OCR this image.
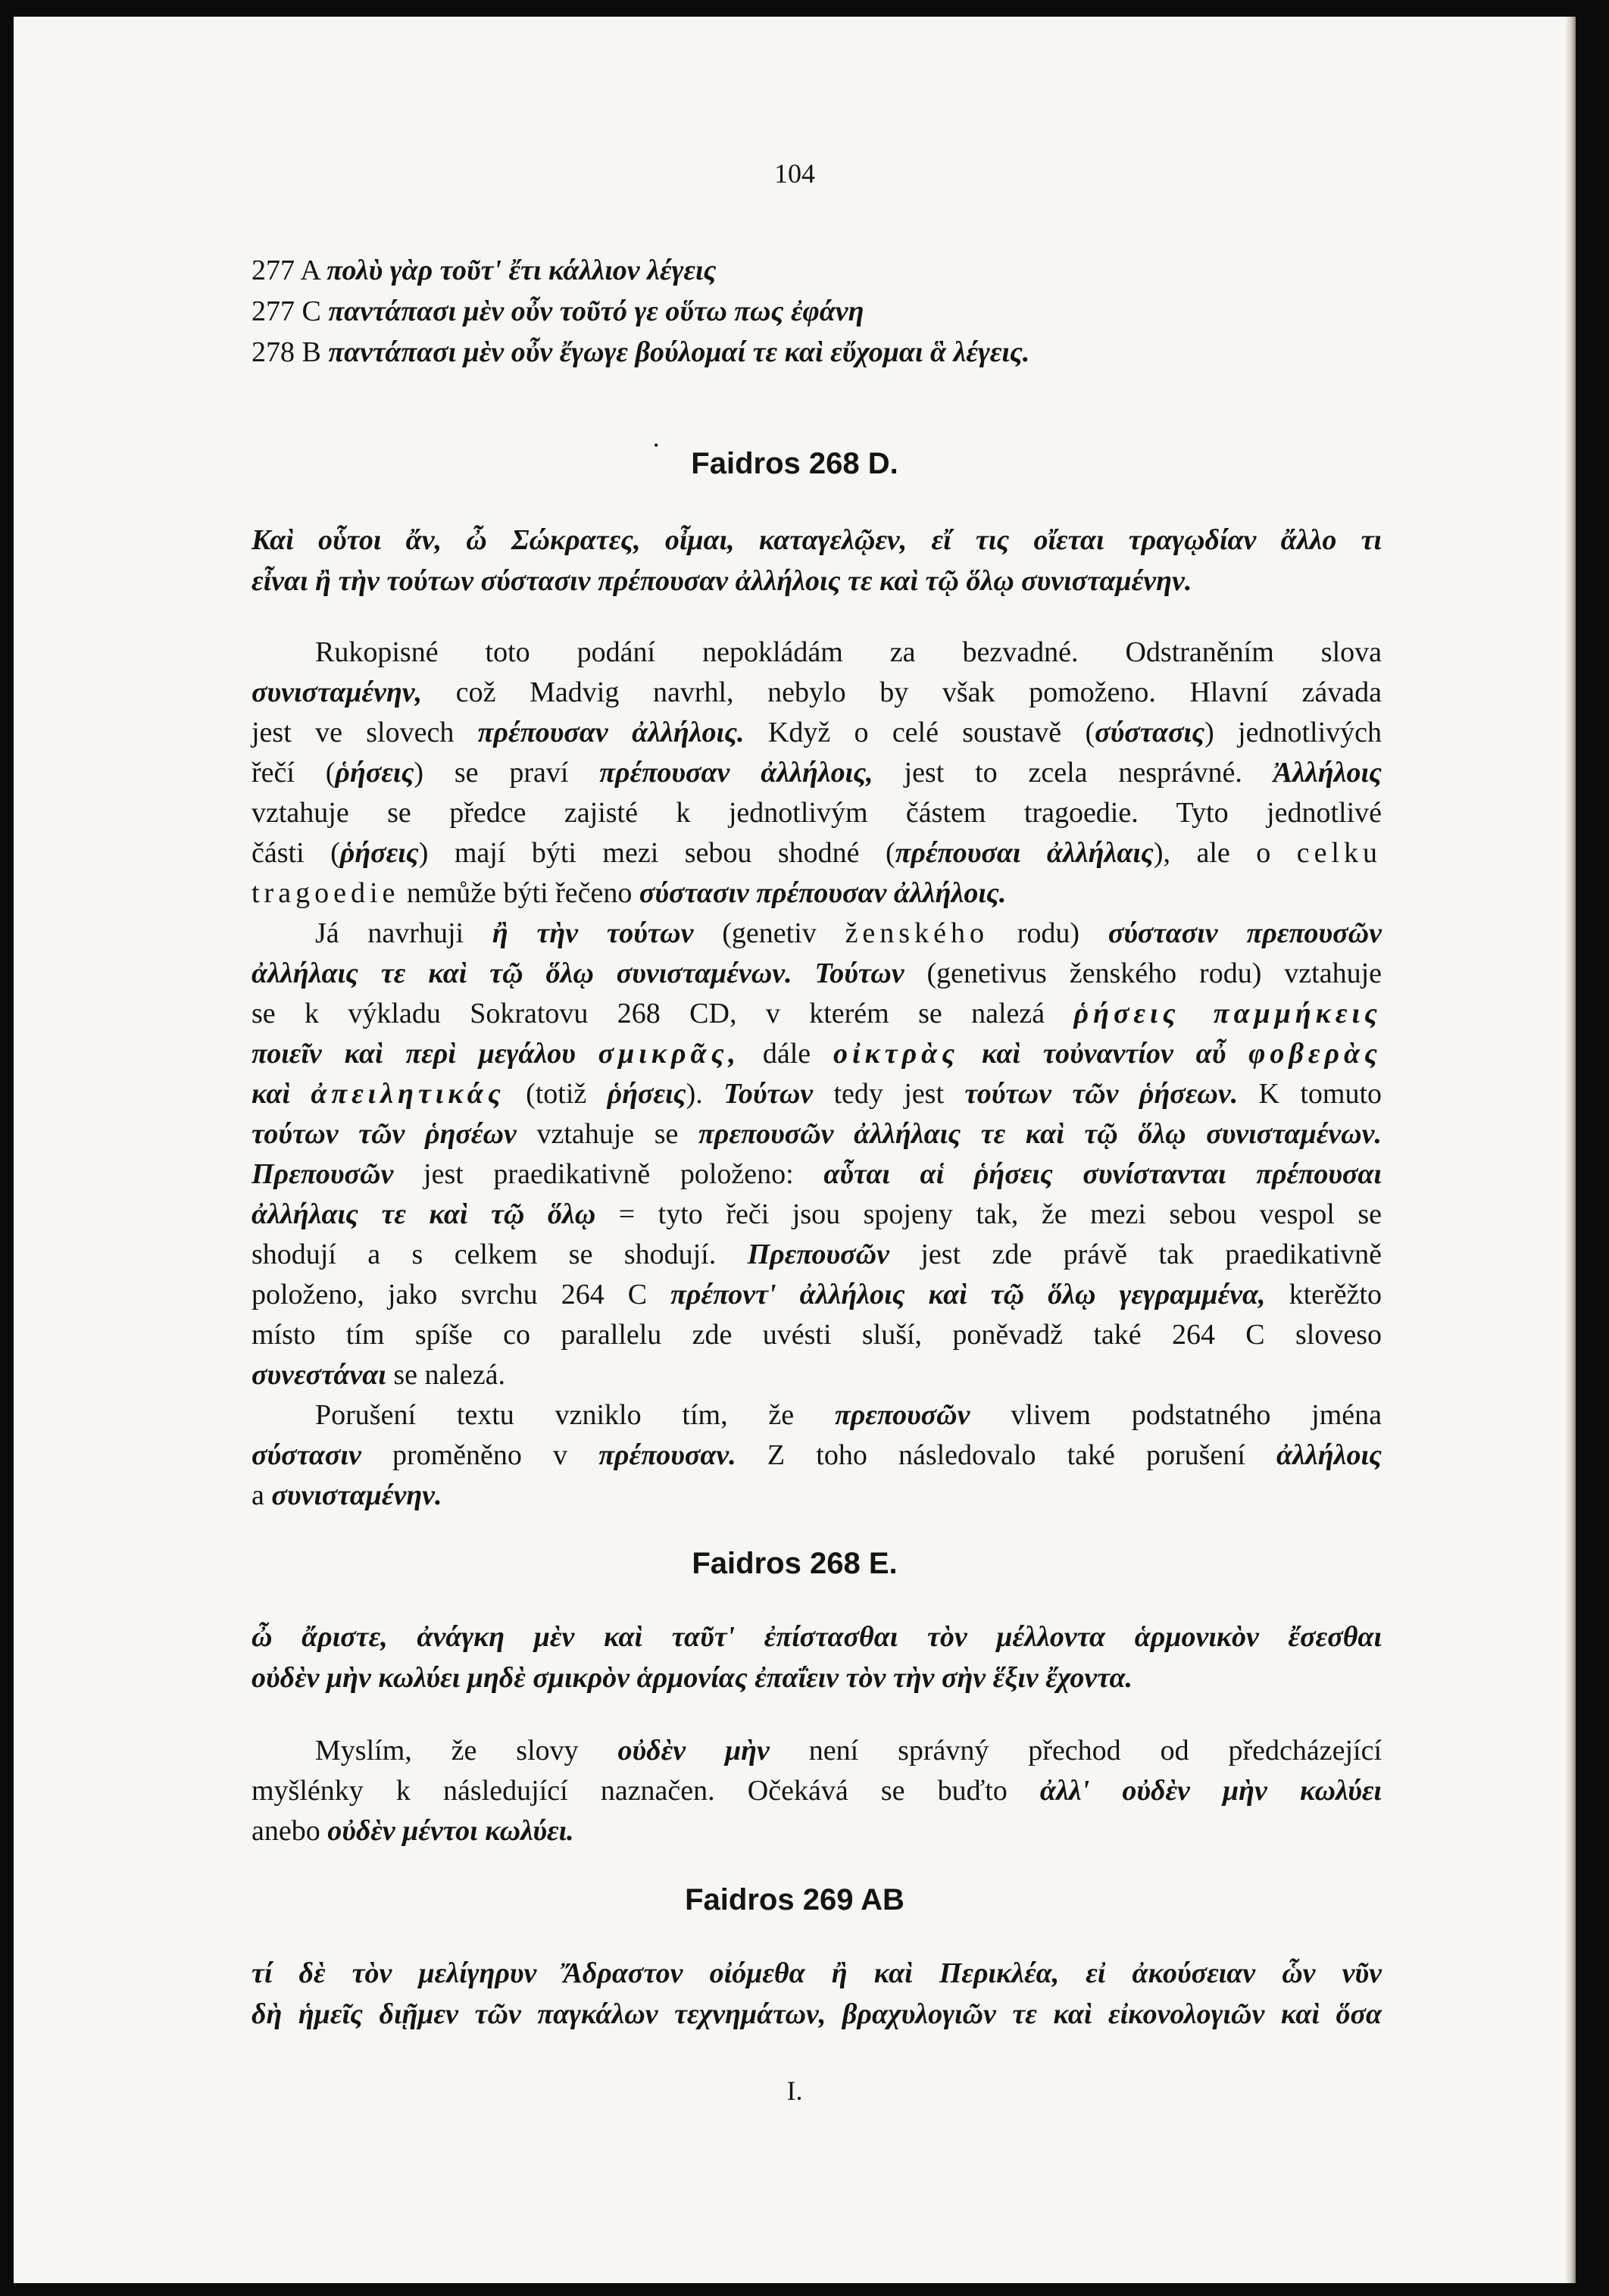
104
277 A πολὺ γὰρ τοῦτ' ἔτι κάλλιον λέγεις
277 C παντάπασι μὲν οὖν τοῦτό γε οὕτω πως ἐφάνη
278 B παντάπασι μὲν οὖν ἔγωγε βούλομαί τε καὶ εὔχομαι ἃ λέγεις.
•
Faidros 268 D.
Καὶ οὗτοι ἄν, ὦ Σώκρατες, οἶμαι, καταγελῷεν, εἴ τις οἴεται τραγῳδίαν ἄλλο τι
εἶναι ἢ τὴν τούτων σύστασιν πρέπουσαν ἀλλήλοις τε καὶ τῷ ὅλῳ συνισταμένην.
Rukopisné toto podání nepokládám za bezvadné. Odstraněním slova
συνισταμένην, což Madvig navrhl, nebylo by však pomoženo. Hlavní závada
jest ve slovech πρέπουσαν ἀλλήλοις. Když o celé soustavě (σύστασις) jednotlivých
řečí (ῥήσεις) se praví πρέπουσαν ἀλλήλοις, jest to zcela nesprávné. Ἀλλήλοις
vztahuje se předce zajisté k jednotlivým částem tragoedie. Tyto jednotlivé
části (ῥήσεις) mají býti mezi sebou shodné (πρέπουσαι ἀλλήλαις), ale o celku
tragoedie nemůže býti řečeno σύστασιν πρέπουσαν ἀλλήλοις.
Já navrhuji ἢ τὴν τούτων (genetiv ženského rodu) σύστασιν πρεπουσῶν
ἀλλήλαις τε καὶ τῷ ὅλῳ συνισταμένων. Τούτων (genetivus ženského rodu) vztahuje
se k výkladu Sokratovu 268 CD, v kterém se nalezá ῥήσεις παμμήκεις
ποιεῖν καὶ περὶ μεγάλου σμικρᾶς, dále οἰκτρὰς καὶ τοὐναντίον αὖ φοβερὰς
καὶ ἀπειλητικάς (totiž ῥήσεις). Τούτων tedy jest τούτων τῶν ῥήσεων. K tomuto
τούτων τῶν ῥησέων vztahuje se πρεπουσῶν ἀλλήλαις τε καὶ τῷ ὅλῳ συνισταμένων.
Πρεπουσῶν jest praedikativně položeno: αὗται αἱ ῥήσεις συνίστανται πρέπουσαι
ἀλλήλαις τε καὶ τῷ ὅλῳ = tyto řeči jsou spojeny tak, že mezi sebou vespol se
shodují a s celkem se shodují. Πρεπουσῶν jest zde právě tak praedikativně
položeno, jako svrchu 264 C πρέποντ' ἀλλήλοις καὶ τῷ ὅλῳ γεγραμμένα, kterěžto
místo tím spíše co parallelu zde uvésti sluší, poněvadž také 264 C sloveso
συνεστάναι se nalezá.
Porušení textu vzniklo tím, že πρεπουσῶν vlivem podstatného jména
σύστασιν proměněno v πρέπουσαν. Z toho následovalo také porušení ἀλλήλοις
a συνισταμένην.
Faidros 268 E.
ὦ ἄριστε, ἀνάγκη μὲν καὶ ταῦτ' ἐπίστασθαι τὸν μέλλοντα ἁρμονικὸν ἔσεσθαι
οὐδὲν μὴν κωλύει μηδὲ σμικρὸν ἁρμονίας ἐπαΐειν τὸν τὴν σὴν ἕξιν ἔχοντα.
Myslím, že slovy οὐδὲν μὴν není správný přechod od předcházející
myšlénky k následující naznačen. Očekává se buďto ἀλλ' οὐδὲν μὴν κωλύει
anebo οὐδὲν μέντοι κωλύει.
Faidros 269 AB
τί δὲ τὸν μελίγηρυν Ἄδραστον οἰόμεθα ἢ καὶ Περικλέα, εἰ ἀκούσειαν ὧν νῦν
δὴ ἡμεῖς διῇμεν τῶν παγκάλων τεχνημάτων, βραχυλογιῶν τε καὶ εἰκονολογιῶν καὶ ὅσα
I.
